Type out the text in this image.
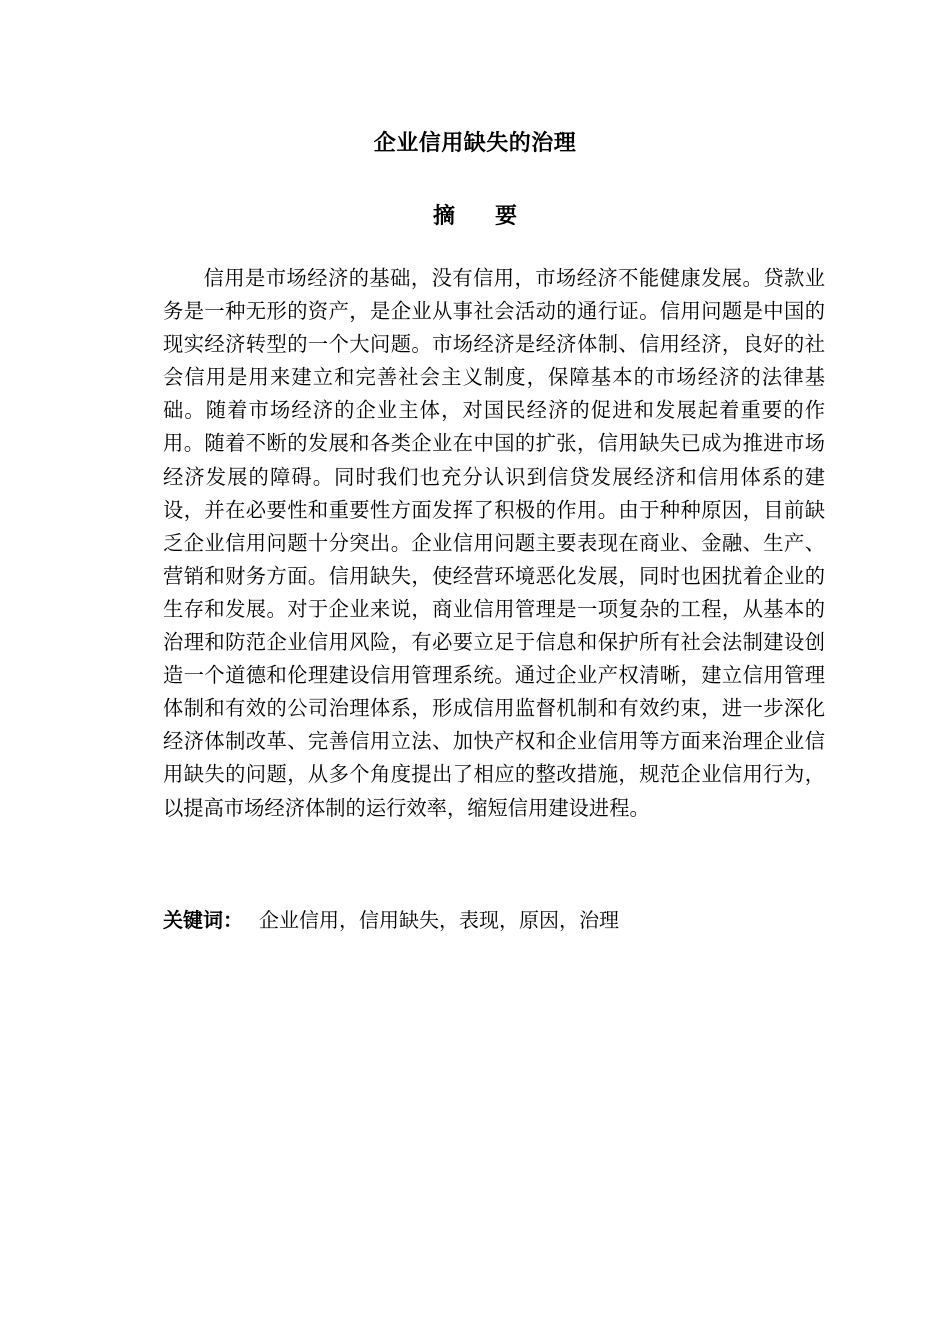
企业信用缺失的治理
摘要

信用是市场经济的基础，没有信用，市场经济不能健康发展。贷款业务是一种无形的资产，是企业从事社会活动的通行证。信用问题是中国的现实经济转型的一个大问题。市场经济是经济体制、信用经济，良好的社会信用是用来建立和完善社会主义制度，保障基本的市场经济的法律基础。随着市场经济的企业主体，对国民经济的促进和发展起着重要的作用。随着不断的发展和各类企业在中国的扩张，信用缺失已成为推进市场经济发展的障碍。同时我们也充分认识到信贷发展经济和信用体系的建设，并在必要性和重要性方面发挥了积极的作用。由于种种原因，目前缺乏企业信用问题十分突出。企业信用问题主要表现在商业、金融、生产、营销和财务方面。信用缺失，使经营环境恶化发展，同时也困扰着企业的生存和发展。对于企业来说，商业信用管理是一项复杂的工程，从基本的治理和防范企业信用风险，有必要立足于信息和保护所有社会法制建设创造一个道德和伦理建设信用管理系统。通过企业产权清晰，建立信用管理体制和有效的公司治理体系，形成信用监督机制和有效约束，进一步深化经济体制改革、完善信用立法、加快产权和企业信用等方面来治理企业信用缺失的问题，从多个角度提出了相应的整改措施，规范企业信用行为，以提高市场经济体制的运行效率，缩短信用建设进程。

关键词： 企业信用，信用缺失，表现，原因，治理
